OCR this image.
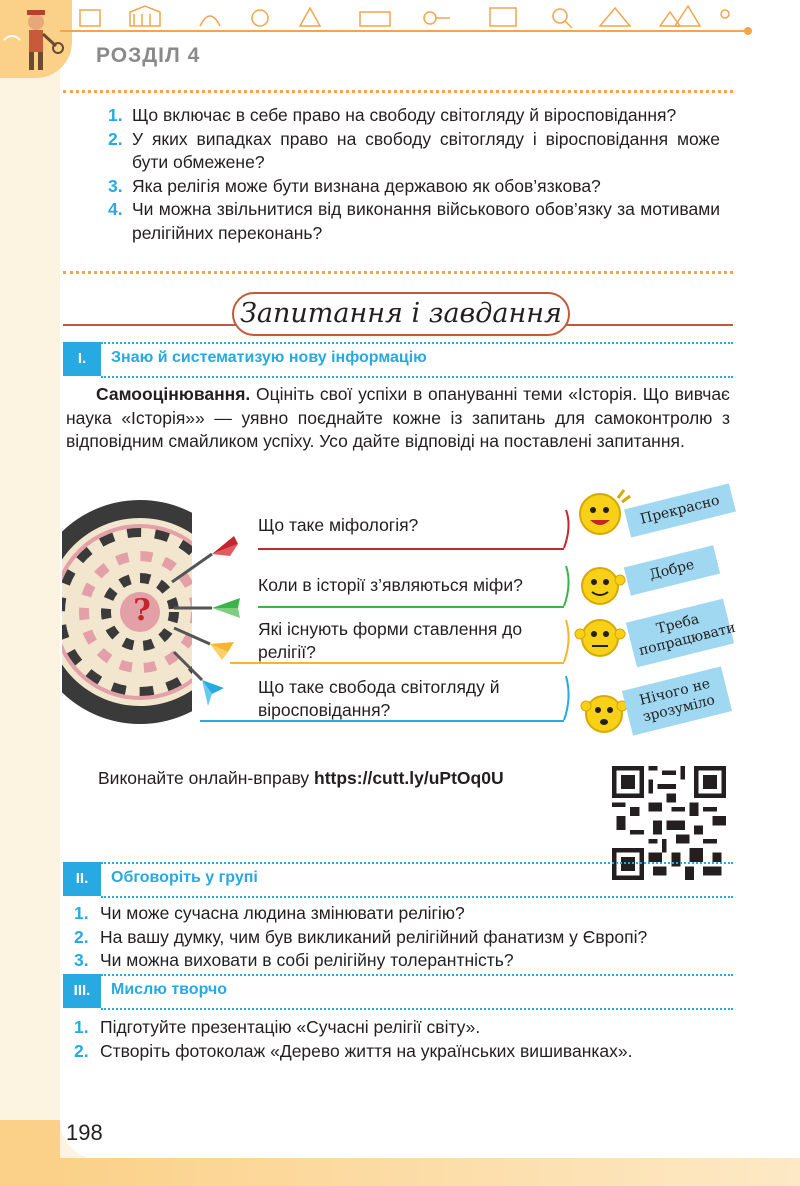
РОЗДІЛ 4
1. Що включає в себе право на свободу світогляду й віросповідання?
2. У яких випадках право на свободу світогляду і віросповідання може бути обмежене?
3. Яка релігія може бути визнана державою як обов’язкова?
4. Чи можна звільнитися від виконання військового обов’язку за мотивами релігійних переконань?
Запитання і завдання
I.	Знаю й систематизую нову інформацію
Самооцінювання. Оцініть свої успіхи в опануванні теми «Історія. Що вивчає наука «Історія»» — уявно поєднайте кожне із запитань для самоконтролю з відповідним смайликом успіху. Усо дайте відповіді на поставлені запитання.
?
Що таке міфологія?
Коли в історії з’являються міфи?
Які існують форми ставлення до релігії?
Що таке свобода світогляду й віросповідання?
Прекрасно
Добре
Треба попрацювати
Нічого не зрозуміло
Виконайте онлайн-вправу https://cutt.ly/uPtOq0U
II.	Обговоріть у групі
1. Чи може сучасна людина змінювати релігію?
2. На вашу думку, чим був викликаний релігійний фанатизм у Європі?
3. Чи можна виховати в собі релігійну толерантність?
III.	Мислю творчо
1. Підготуйте презентацію «Сучасні релігії світу».
2. Створіть фотоколаж «Дерево життя на українських вишиванках».
198
